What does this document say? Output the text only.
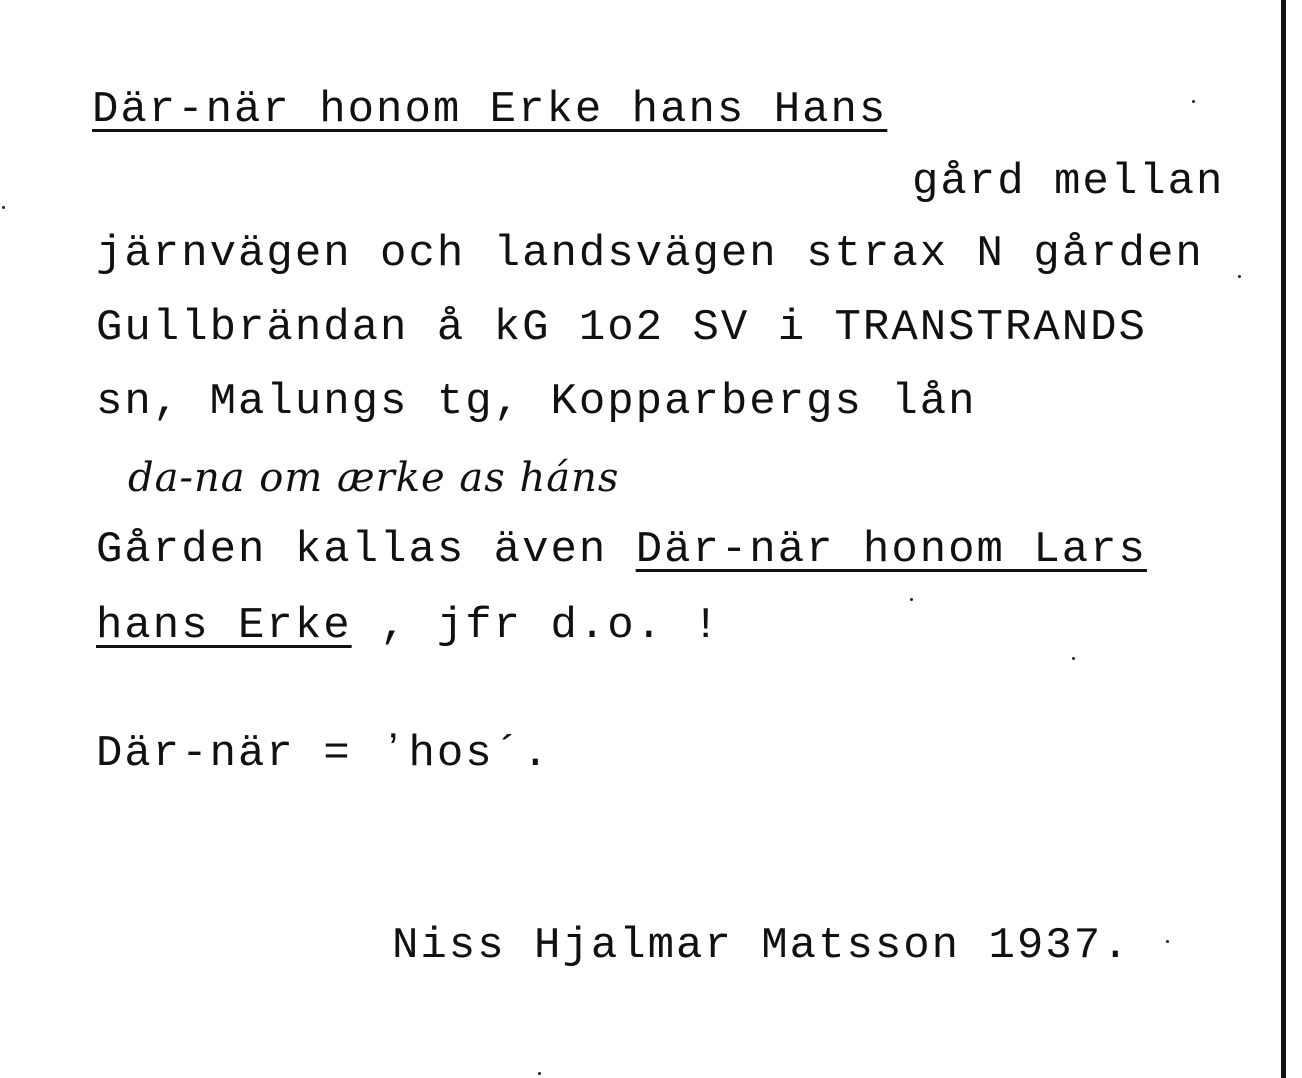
Där-när honom Erke hans Hans
gård mellan
järnvägen och landsvägen strax N gården
Gullbrändan å kG 1o2 SV i TRANSTRANDS
sn, Malungs tg, Kopparbergs lån
da-na om ærke as háns
Gården kallas även Där-när honom Lars
hans Erke , jfr d.o. !
Där-när = ʼhos´.
Niss Hjalmar Matsson 1937.
